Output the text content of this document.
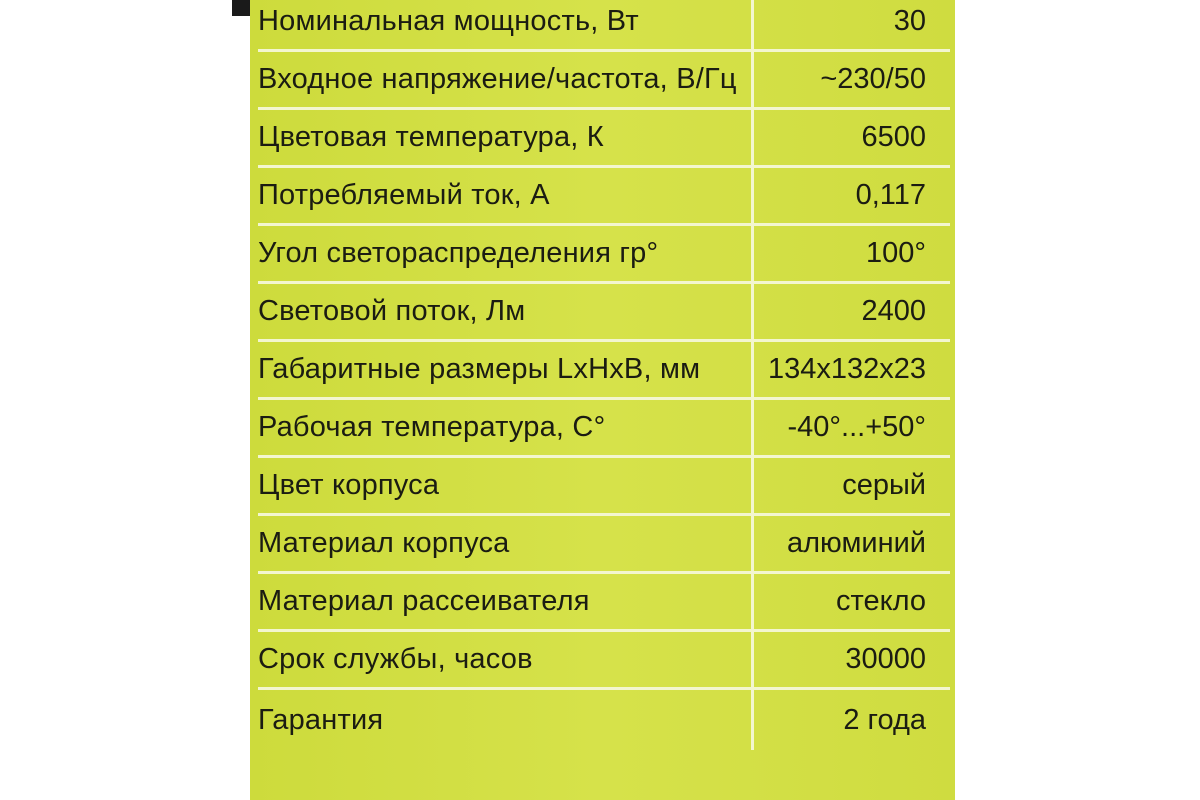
Номинальная мощность, Вт	30
Входное напряжение/частота, В/Гц	~230/50
Цветовая температура, К	6500
Потребляемый ток, А	0,117
Угол светораспределения гр°	100°
Световой поток, Лм	2400
Габаритные размеры LxHxB, мм	134x132x23
Рабочая температура, С°	-40°...+50°
Цвет корпуса	серый
Материал корпуса	алюминий
Материал рассеивателя	стекло
Срок службы, часов	30000
Гарантия	2 года
